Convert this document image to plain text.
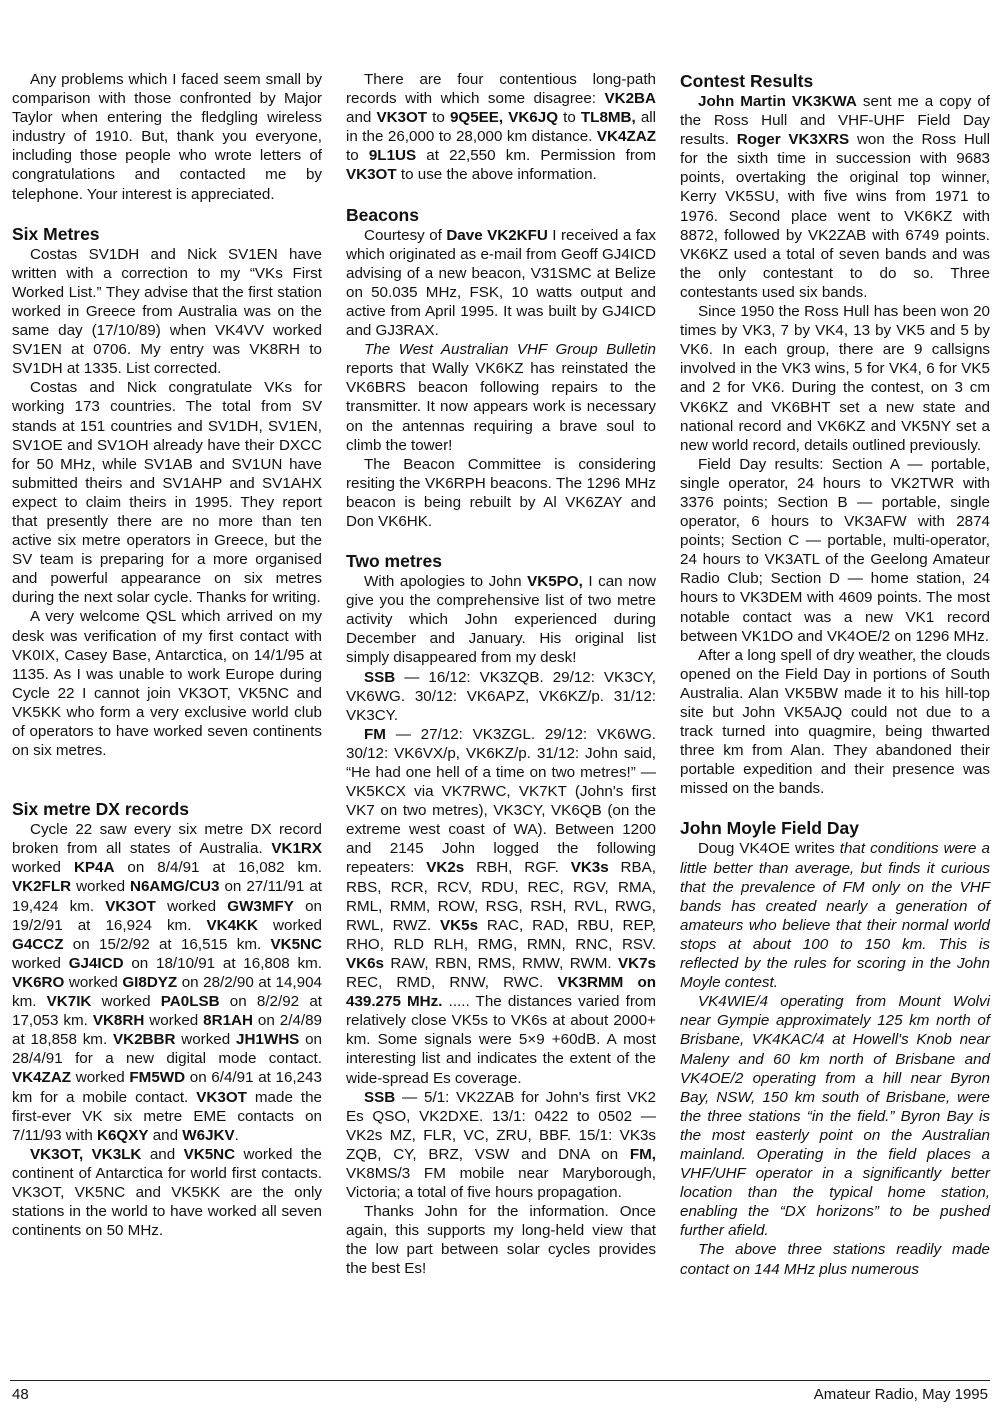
Any problems which I faced seem small by comparison with those confronted by Major Taylor when entering the fledgling wireless industry of 1910. But, thank you everyone, including those people who wrote letters of congratulations and contacted me by telephone. Your interest is appreciated.

Six Metres

Costas SV1DH and Nick SV1EN have written with a correction to my “VKs First Worked List.” They advise that the first station worked in Greece from Australia was on the same day (17/10/89) when VK4VV worked SV1EN at 0706. My entry was VK8RH to SV1DH at 1335. List corrected.

Costas and Nick congratulate VKs for working 173 countries. The total from SV stands at 151 countries and SV1DH, SV1EN, SV1OE and SV1OH already have their DXCC for 50 MHz, while SV1AB and SV1UN have submitted theirs and SV1AHP and SV1AHX expect to claim theirs in 1995. They report that presently there are no more than ten active six metre operators in Greece, but the SV team is preparing for a more organised and powerful appearance on six metres during the next solar cycle. Thanks for writing.

A very welcome QSL which arrived on my desk was verification of my first contact with VK0IX, Casey Base, Antarctica, on 14/1/95 at 1135. As I was unable to work Europe during Cycle 22 I cannot join VK3OT, VK5NC and VK5KK who form a very exclusive world club of operators to have worked seven continents on six metres.

Six metre DX records

Cycle 22 saw every six metre DX record broken from all states of Australia. VK1RX worked KP4A on 8/4/91 at 16,082 km. VK2FLR worked N6AMG/CU3 on 27/11/91 at 19,424 km. VK3OT worked GW3MFY on 19/2/91 at 16,924 km. VK4KK worked G4CCZ on 15/2/92 at 16,515 km. VK5NC worked GJ4ICD on 18/10/91 at 16,808 km. VK6RO worked GI8DYZ on 28/2/90 at 14,904 km. VK7IK worked PA0LSB on 8/2/92 at 17,053 km. VK8RH worked 8R1AH on 2/4/89 at 18,858 km. VK2BBR worked JH1WHS on 28/4/91 for a new digital mode contact. VK4ZAZ worked FM5WD on 6/4/91 at 16,243 km for a mobile contact. VK3OT made the first-ever VK six metre EME contacts on 7/11/93 with K6QXY and W6JKV.

VK3OT, VK3LK and VK5NC worked the continent of Antarctica for world first contacts. VK3OT, VK5NC and VK5KK are the only stations in the world to have worked all seven continents on 50 MHz.

There are four contentious long-path records with which some disagree: VK2BA and VK3OT to 9Q5EE, VK6JQ to TL8MB, all in the 26,000 to 28,000 km distance. VK4ZAZ to 9L1US at 22,550 km. Permission from VK3OT to use the above information.

Beacons

Courtesy of Dave VK2KFU I received a fax which originated as e-mail from Geoff GJ4ICD advising of a new beacon, V31SMC at Belize on 50.035 MHz, FSK, 10 watts output and active from April 1995. It was built by GJ4ICD and GJ3RAX.

The West Australian VHF Group Bulletin reports that Wally VK6KZ has reinstated the VK6BRS beacon following repairs to the transmitter. It now appears work is necessary on the antennas requiring a brave soul to climb the tower!

The Beacon Committee is considering resiting the VK6RPH beacons. The 1296 MHz beacon is being rebuilt by Al VK6ZAY and Don VK6HK.

Two metres

With apologies to John VK5PO, I can now give you the comprehensive list of two metre activity which John experienced during December and January. His original list simply disappeared from my desk!

SSB — 16/12: VK3ZQB. 29/12: VK3CY, VK6WG. 30/12: VK6APZ, VK6KZ/p. 31/12: VK3CY.

FM — 27/12: VK3ZGL. 29/12: VK6WG. 30/12: VK6VX/p, VK6KZ/p. 31/12: John said, “He had one hell of a time on two metres!” — VK5KCX via VK7RWC, VK7KT (John's first VK7 on two metres), VK3CY, VK6QB (on the extreme west coast of WA). Between 1200 and 2145 John logged the following repeaters: VK2s RBH, RGF. VK3s RBA, RBS, RCR, RCV, RDU, REC, RGV, RMA, RML, RMM, ROW, RSG, RSH, RVL, RWG, RWL, RWZ. VK5s RAC, RAD, RBU, REP, RHO, RLD RLH, RMG, RMN, RNC, RSV. VK6s RAW, RBN, RMS, RMW, RWM. VK7s REC, RMD, RNW, RWC. VK3RMM on 439.275 MHz. ..... The distances varied from relatively close VK5s to VK6s at about 2000+ km. Some signals were 5×9 +60dB. A most interesting list and indicates the extent of the wide-spread Es coverage.

SSB — 5/1: VK2ZAB for John's first VK2 Es QSO, VK2DXE. 13/1: 0422 to 0502 — VK2s MZ, FLR, VC, ZRU, BBF. 15/1: VK3s ZQB, CY, BRZ, VSW and DNA on FM, VK8MS/3 FM mobile near Maryborough, Victoria; a total of five hours propagation.

Thanks John for the information. Once again, this supports my long-held view that the low part between solar cycles provides the best Es!

Contest Results

John Martin VK3KWA sent me a copy of the Ross Hull and VHF-UHF Field Day results. Roger VK3XRS won the Ross Hull for the sixth time in succession with 9683 points, overtaking the original top winner, Kerry VK5SU, with five wins from 1971 to 1976. Second place went to VK6KZ with 8872, followed by VK2ZAB with 6749 points. VK6KZ used a total of seven bands and was the only contestant to do so. Three contestants used six bands.

Since 1950 the Ross Hull has been won 20 times by VK3, 7 by VK4, 13 by VK5 and 5 by VK6. In each group, there are 9 callsigns involved in the VK3 wins, 5 for VK4, 6 for VK5 and 2 for VK6. During the contest, on 3 cm VK6KZ and VK6BHT set a new state and national record and VK6KZ and VK5NY set a new world record, details outlined previously.

Field Day results: Section A — portable, single operator, 24 hours to VK2TWR with 3376 points; Section B — portable, single operator, 6 hours to VK3AFW with 2874 points; Section C — portable, multi-operator, 24 hours to VK3ATL of the Geelong Amateur Radio Club; Section D — home station, 24 hours to VK3DEM with 4609 points. The most notable contact was a new VK1 record between VK1DO and VK4OE/2 on 1296 MHz.

After a long spell of dry weather, the clouds opened on the Field Day in portions of South Australia. Alan VK5BW made it to his hill-top site but John VK5AJQ could not due to a track turned into quagmire, being thwarted three km from Alan. They abandoned their portable expedition and their presence was missed on the bands.

John Moyle Field Day

Doug VK4OE writes that conditions were a little better than average, but finds it curious that the prevalence of FM only on the VHF bands has created nearly a generation of amateurs who believe that their normal world stops at about 100 to 150 km. This is reflected by the rules for scoring in the John Moyle contest.

VK4WIE/4 operating from Mount Wolvi near Gympie approximately 125 km north of Brisbane, VK4KAC/4 at Howell's Knob near Maleny and 60 km north of Brisbane and VK4OE/2 operating from a hill near Byron Bay, NSW, 150 km south of Brisbane, were the three stations “in the field.” Byron Bay is the most easterly point on the Australian mainland. Operating in the field places a VHF/UHF operator in a significantly better location than the typical home station, enabling the “DX horizons” to be pushed further afield.

The above three stations readily made contact on 144 MHz plus numerous

48	Amateur Radio, May 1995
